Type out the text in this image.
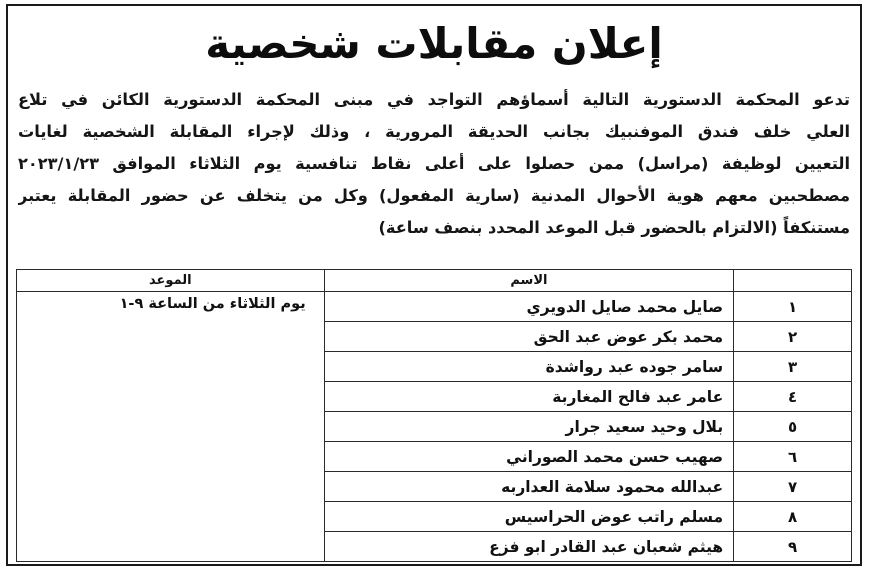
إعلان مقابلات شخصية
تدعو المحكمة الدستورية التالية أسماؤهم التواجد في مبنى المحكمة الدستورية الكائن في تلاع
العلي خلف فندق الموفنبيك بجانب الحديقة المرورية ، وذلك لإجراء المقابلة الشخصية لغايات
التعيين لوظيفة (مراسل) ممن حصلوا على أعلى نقاط تنافسية يوم الثلاثاء الموافق ٢٠٢٣/١/٢٣
مصطحبين معهم هوية الأحوال المدنية (سارية المفعول) وكل من يتخلف عن حضور المقابلة يعتبر
مستنكفاً (الالتزام بالحضور قبل الموعد المحدد بنصف ساعة)
	الاسم	الموعد
١	صايل محمد صايل الدويري	يوم الثلاثاء من الساعة ٩-١
٢	محمد بكر عوض عبد الحق	
٣	سامر جوده عبد رواشدة	
٤	عامر عبد فالح المغاربة	
٥	بلال وحيد سعيد جرار	
٦	صهيب حسن محمد الصوراني	
٧	عبدالله محمود سلامة العداربه	
٨	مسلم راتب عوض الحراسيس	
٩	هيثم شعبان عبد القادر ابو فزع	
